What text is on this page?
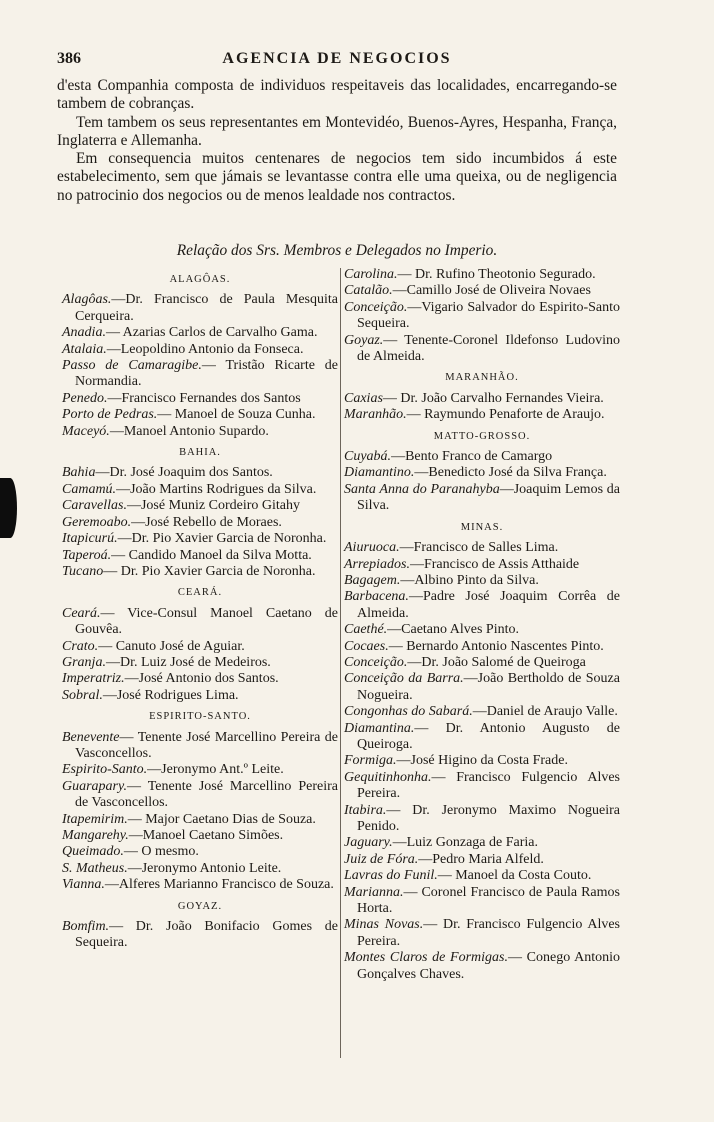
386	AGENCIA DE NEGOCIOS

d'esta Companhia composta de individuos respeitaveis das localidades, encarregando-se tambem de cobranças.

Tem tambem os seus representantes em Montevidéo, Buenos-Ayres, Hespanha, França, Inglaterra e Allemanha.

Em consequencia muitos centenares de negocios tem sido incumbidos á este estabelecimento, sem que jámais se levantasse contra elle uma queixa, ou de negligencia no patrocinio dos negocios ou de menos lealdade nos contractos.

Relação dos Srs. Membros e Delegados no Imperio.
ALAGÔAS.

Alagôas.—Dr. Francisco de Paula Mesquita Cerqueira.

Anadia.— Azarias Carlos de Carvalho Gama.

Atalaia.—Leopoldino Antonio da Fonseca.

Passo de Camaragibe.— Tristão Ricarte de Normandia.

Penedo.—Francisco Fernandes dos Santos

Porto de Pedras.— Manoel de Souza Cunha.

Maceyó.—Manoel Antonio Supardo.

BAHIA.

Bahia—Dr. José Joaquim dos Santos.

Camamú.—João Martins Rodrigues da Silva.

Caravellas.—José Muniz Cordeiro Gitahy

Geremoabo.—José Rebello de Moraes.

Itapicurú.—Dr. Pio Xavier Garcia de Noronha.

Taperoá.— Candido Manoel da Silva Motta.

Tucano— Dr. Pio Xavier Garcia de Noronha.

CEARÁ.

Ceará.— Vice-Consul Manoel Caetano de Gouvêa.

Crato.— Canuto José de Aguiar.

Granja.—Dr. Luiz José de Medeiros.

Imperatriz.—José Antonio dos Santos.

Sobral.—José Rodrigues Lima.

ESPIRITO-SANTO.

Benevente— Tenente José Marcellino Pereira de Vasconcellos.

Espirito-Santo.—Jeronymo Ant.º Leite.

Guarapary.— Tenente José Marcellino Pereira de Vasconcellos.

Itapemirim.— Major Caetano Dias de Souza.

Mangarehy.—Manoel Caetano Simões.

Queimado.— O mesmo.

S. Matheus.—Jeronymo Antonio Leite.

Vianna.—Alferes Marianno Francisco de Souza.

GOYAZ.

Bomfim.— Dr. João Bonifacio Gomes de Sequeira.

Carolina.— Dr. Rufino Theotonio Segurado.

Catalão.—Camillo José de Oliveira Novaes

Conceição.—Vigario Salvador do Espirito-Santo Sequeira.

Goyaz.— Tenente-Coronel Ildefonso Ludovino de Almeida.

MARANHÃO.

Caxias— Dr. João Carvalho Fernandes Vieira.

Maranhão.— Raymundo Penaforte de Araujo.

MATTO-GROSSO.

Cuyabá.—Bento Franco de Camargo

Diamantino.—Benedicto José da Silva França.

Santa Anna do Paranahyba—Joaquim Lemos da Silva.

MINAS.

Aiuruoca.—Francisco de Salles Lima.

Arrepiados.—Francisco de Assis Atthaide

Bagagem.—Albino Pinto da Silva.

Barbacena.—Padre José Joaquim Corrêa de Almeida.

Caethé.—Caetano Alves Pinto.

Cocaes.— Bernardo Antonio Nascentes Pinto.

Conceição.—Dr. João Salomé de Queiroga

Conceição da Barra.—João Bertholdo de Souza Nogueira.

Congonhas do Sabará.—Daniel de Araujo Valle.

Diamantina.— Dr. Antonio Augusto de Queiroga.

Formiga.—José Higino da Costa Frade.

Gequitinhonha.— Francisco Fulgencio Alves Pereira.

Itabira.— Dr. Jeronymo Maximo Nogueira Penido.

Jaguary.—Luiz Gonzaga de Faria.

Juiz de Fóra.—Pedro Maria Alfeld.

Lavras do Funil.— Manoel da Costa Couto.

Marianna.— Coronel Francisco de Paula Ramos Horta.

Minas Novas.— Dr. Francisco Fulgencio Alves Pereira.

Montes Claros de Formigas.— Conego Antonio Gonçalves Chaves.
